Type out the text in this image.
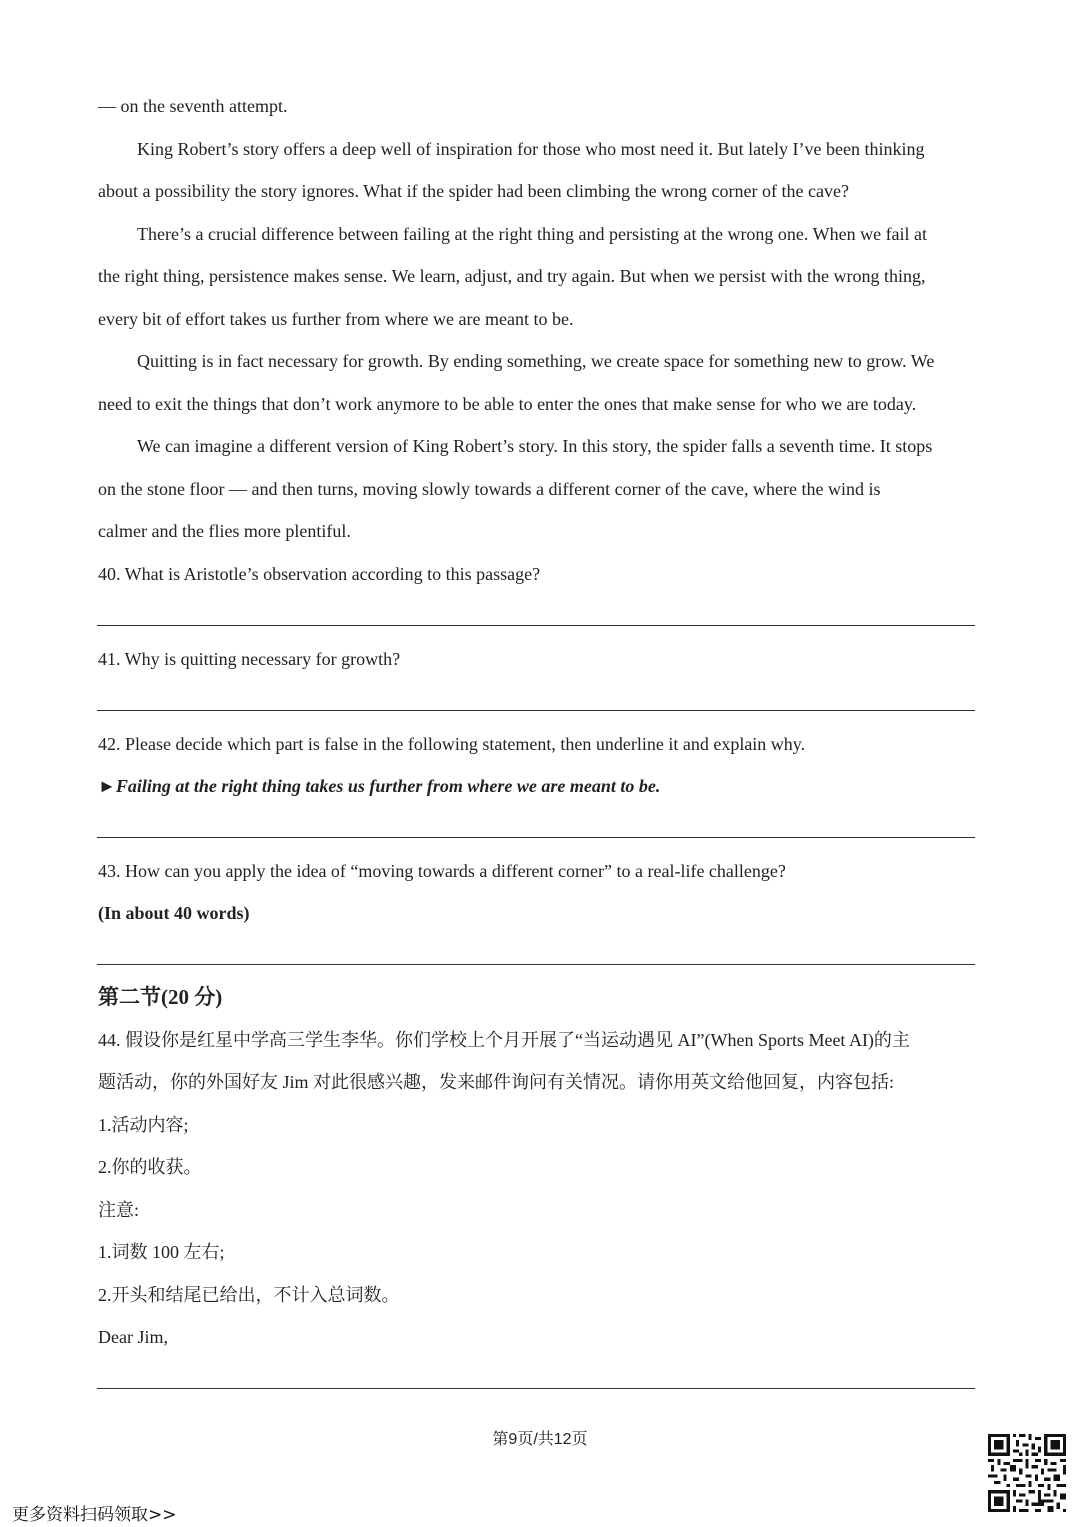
— on the seventh attempt.
King Robert’s story offers a deep well of inspiration for those who most need it. But lately I’ve been thinking
about a possibility the story ignores. What if the spider had been climbing the wrong corner of the cave?
There’s a crucial difference between failing at the right thing and persisting at the wrong one. When we fail at
the right thing, persistence makes sense. We learn, adjust, and try again. But when we persist with the wrong thing,
every bit of effort takes us further from where we are meant to be.
Quitting is in fact necessary for growth. By ending something, we create space for something new to grow. We
need to exit the things that don’t work anymore to be able to enter the ones that make sense for who we are today.
We can imagine a different version of King Robert’s story. In this story, the spider falls a seventh time. It stops
on the stone floor — and then turns, moving slowly towards a different corner of the cave, where the wind is
calmer and the flies more plentiful.
40. What is Aristotle’s observation according to this passage?
41. Why is quitting necessary for growth?
42. Please decide which part is false in the following statement, then underline it and explain why.
►Failing at the right thing takes us further from where we are meant to be.
43. How can you apply the idea of “moving towards a different corner” to a real-life challenge?
(In about 40 words)
第二节(20 分)
44. 假设你是红星中学高三学生李华。你们学校上个月开展了“当运动遇见 AI”(When Sports Meet AI)的主
题活动，你的外国好友 Jim 对此很感兴趣，发来邮件询问有关情况。请你用英文给他回复，内容包括:
1.活动内容;
2.你的收获。
注意:
1.词数 100 左右;
2.开头和结尾已给出，不计入总词数。
Dear Jim,
第9页/共12页
更多资料扫码领取>>
